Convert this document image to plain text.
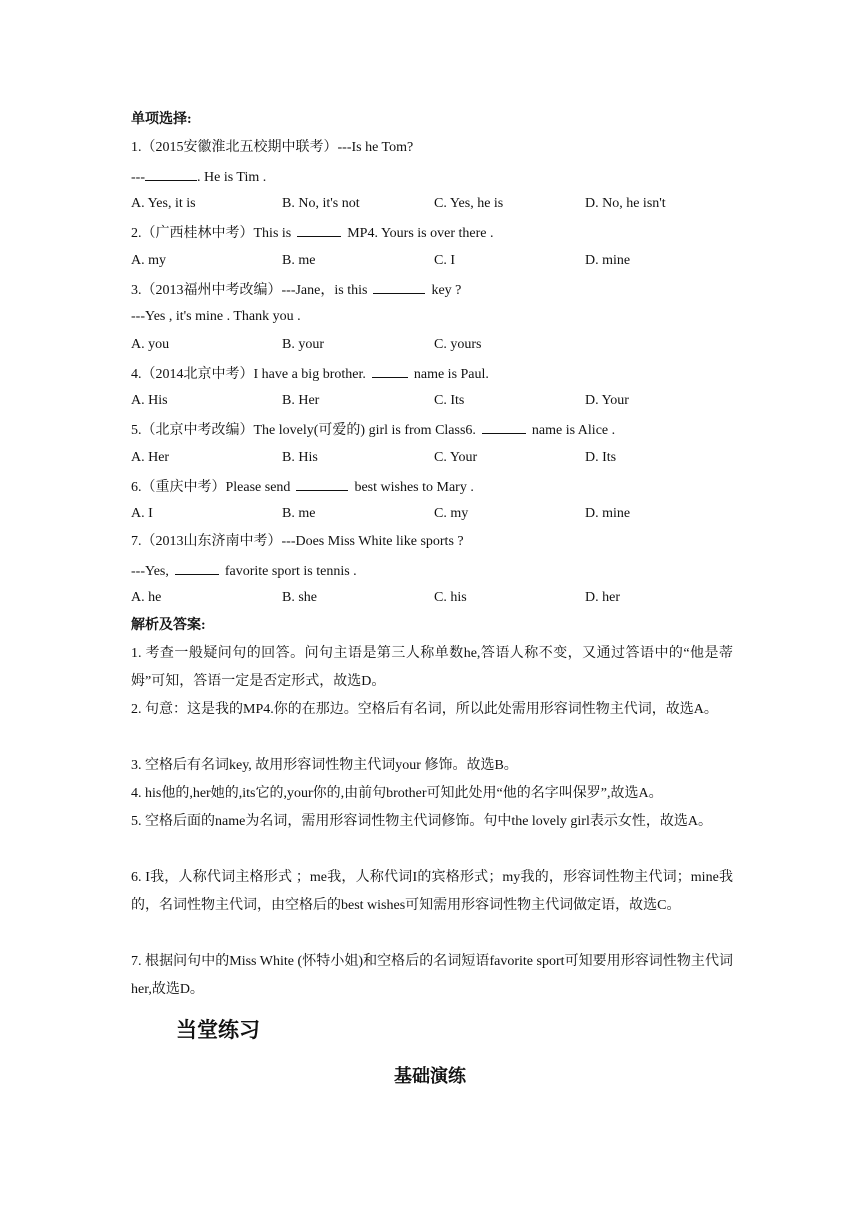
单项选择:
1.（2015安徽淮北五校期中联考）---Is he Tom?
---	. He is Tim .
A. Yes, it is	B. No, it's not	C. Yes, he is	D. No, he isn't
2.（广西桂林中考）This is	MP4. Yours is over there .
A. my	B. me	C. I	D. mine
3.（2013福州中考改编）---Jane，is this	key ?
---Yes , it's mine . Thank you .
A. you	B. your	C. yours
4.（2014北京中考）I have a big brother.	name is Paul.
A. His	B. Her	C. Its	D. Your
5.（北京中考改编）The lovely(可爱的) girl is from Class6.	name is Alice .
A. Her	B. His	C. Your	D. Its
6.（重庆中考）Please send	best wishes to Mary .
A. I	B. me	C. my	D. mine
7.（2013山东济南中考）---Does Miss White like sports ?
---Yes,	favorite sport is tennis .
A. he	B. she	C. his	D. her
解析及答案:
1. 考查一般疑问句的回答。问句主语是第三人称单数he,答语人称不变，又通过答语中的“他是蒂姆”可知，答语一定是否定形式，故选D。
2. 句意：这是我的MP4.你的在那边。空格后有名词，所以此处需用形容词性物主代词，故选A。
3. 空格后有名词key, 故用形容词性物主代词your 修饰。故选B。
4. his他的,her她的,its它的,your你的,由前句brother可知此处用“他的名字叫保罗”,故选A。
5. 空格后面的name为名词，需用形容词性物主代词修饰。句中the lovely girl表示女性，故选A。
6. I我，人称代词主格形式 ；me我，人称代词I的宾格形式；my我的，形容词性物主代词；mine我的，名词性物主代词，由空格后的best wishes可知需用形容词性物主代词做定语，故选C。
7. 根据问句中的Miss White (怀特小姐)和空格后的名词短语favorite sport可知要用形容词性物主代词her,故选D。
当堂练习
基础演练
